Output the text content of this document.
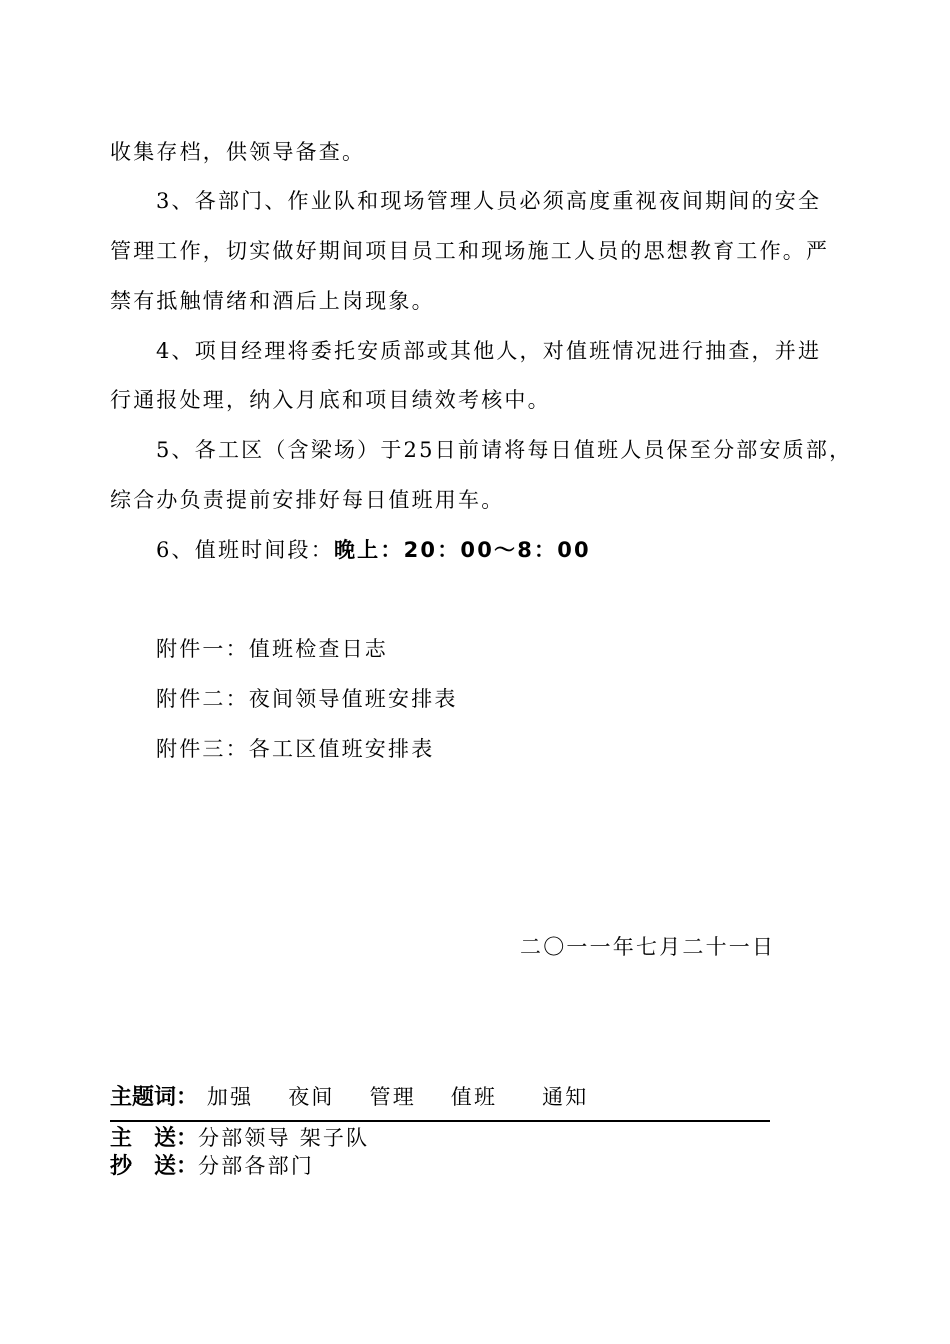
收集存档，供领导备查。
3、各部门、作业队和现场管理人员必须高度重视夜间期间的安全
管理工作，切实做好期间项目员工和现场施工人员的思想教育工作。严
禁有抵触情绪和酒后上岗现象。
4、项目经理将委托安质部或其他人，对值班情况进行抽查，并进
行通报处理，纳入月底和项目绩效考核中。
5、各工区（含梁场）于25日前请将每日值班人员保至分部安质部，
综合办负责提前安排好每日值班用车。
6、值班时间段：晚上：20：00～8：00
附件一：值班检查日志
附件二：夜间领导值班安排表
附件三：各工区值班安排表
二〇一一年七月二十一日
主题词： 加强 夜间 管理 值班 通知
主　送：分部领导 架子队
抄　送：分部各部门
